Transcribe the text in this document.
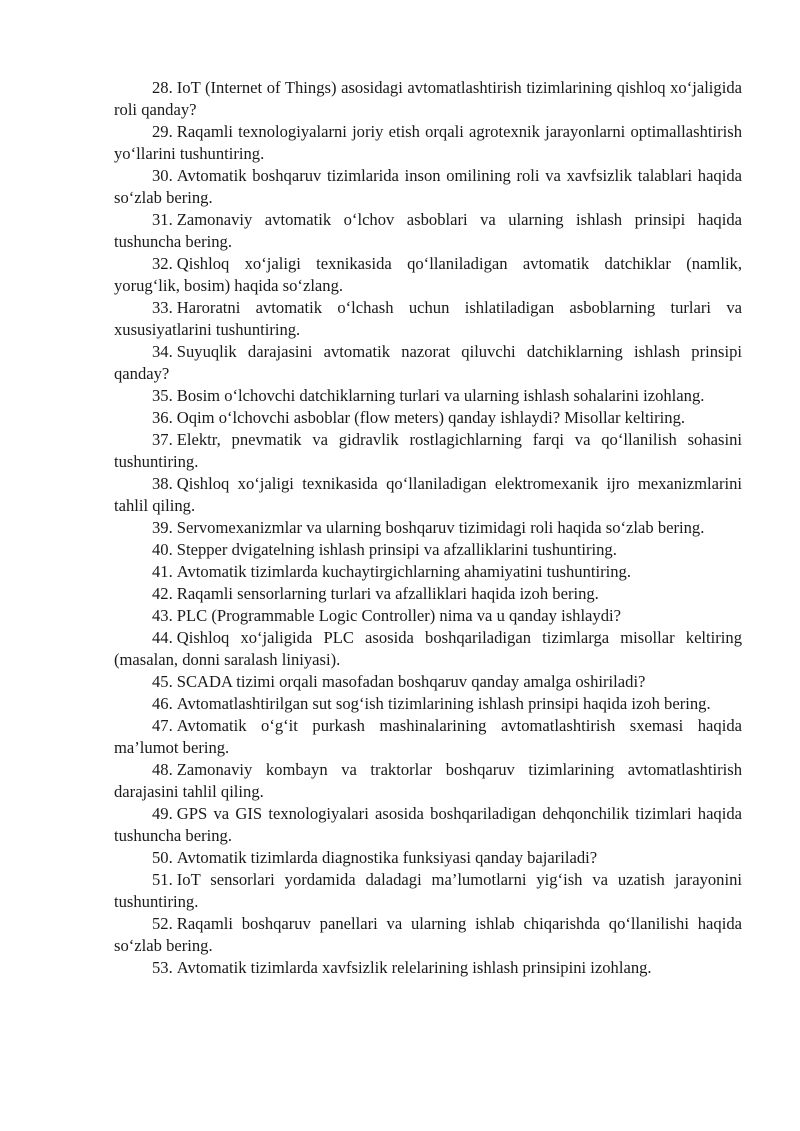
28. IoT (Internet of Things) asosidagi avtomatlashtirish tizimlarining qishloq xo‘jaligida roli qanday?

29. Raqamli texnologiyalarni joriy etish orqali agrotexnik jarayonlarni optimallashtirish yo‘llarini tushuntiring.

30. Avtomatik boshqaruv tizimlarida inson omilining roli va xavfsizlik talablari haqida so‘zlab bering.

31. Zamonaviy avtomatik o‘lchov asboblari va ularning ishlash prinsipi haqida tushuncha bering.

32. Qishloq xo‘jaligi texnikasida qo‘llaniladigan avtomatik datchiklar (namlik, yorug‘lik, bosim) haqida so‘zlang.

33. Haroratni avtomatik o‘lchash uchun ishlatiladigan asboblarning turlari va xususiyatlarini tushuntiring.

34. Suyuqlik darajasini avtomatik nazorat qiluvchi datchiklarning ishlash prinsipi qanday?

35. Bosim o‘lchovchi datchiklarning turlari va ularning ishlash sohalarini izohlang.

36. Oqim o‘lchovchi asboblar (flow meters) qanday ishlaydi? Misollar keltiring.

37. Elektr, pnevmatik va gidravlik rostlagichlarning farqi va qo‘llanilish sohasini tushuntiring.

38. Qishloq xo‘jaligi texnikasida qo‘llaniladigan elektromexanik ijro mexanizmlarini tahlil qiling.

39. Servomexanizmlar va ularning boshqaruv tizimidagi roli haqida so‘zlab bering.

40. Stepper dvigatelning ishlash prinsipi va afzalliklarini tushuntiring.

41. Avtomatik tizimlarda kuchaytirgichlarning ahamiyatini tushuntiring.

42. Raqamli sensorlarning turlari va afzalliklari haqida izoh bering.

43. PLC (Programmable Logic Controller) nima va u qanday ishlaydi?

44. Qishloq xo‘jaligida PLC asosida boshqariladigan tizimlarga misollar keltiring (masalan, donni saralash liniyasi).

45. SCADA tizimi orqali masofadan boshqaruv qanday amalga oshiriladi?

46. Avtomatlashtirilgan sut sog‘ish tizimlarining ishlash prinsipi haqida izoh bering.

47. Avtomatik o‘g‘it purkash mashinalarining avtomatlashtirish sxemasi haqida ma’lumot bering.

48. Zamonaviy kombayn va traktorlar boshqaruv tizimlarining avtomatlashtirish darajasini tahlil qiling.

49. GPS va GIS texnologiyalari asosida boshqariladigan dehqonchilik tizimlari haqida tushuncha bering.

50. Avtomatik tizimlarda diagnostika funksiyasi qanday bajariladi?

51. IoT sensorlari yordamida daladagi ma’lumotlarni yig‘ish va uzatish jarayonini tushuntiring.

52. Raqamli boshqaruv panellari va ularning ishlab chiqarishda qo‘llanilishi haqida so‘zlab bering.

53. Avtomatik tizimlarda xavfsizlik relelarining ishlash prinsipini izohlang.
